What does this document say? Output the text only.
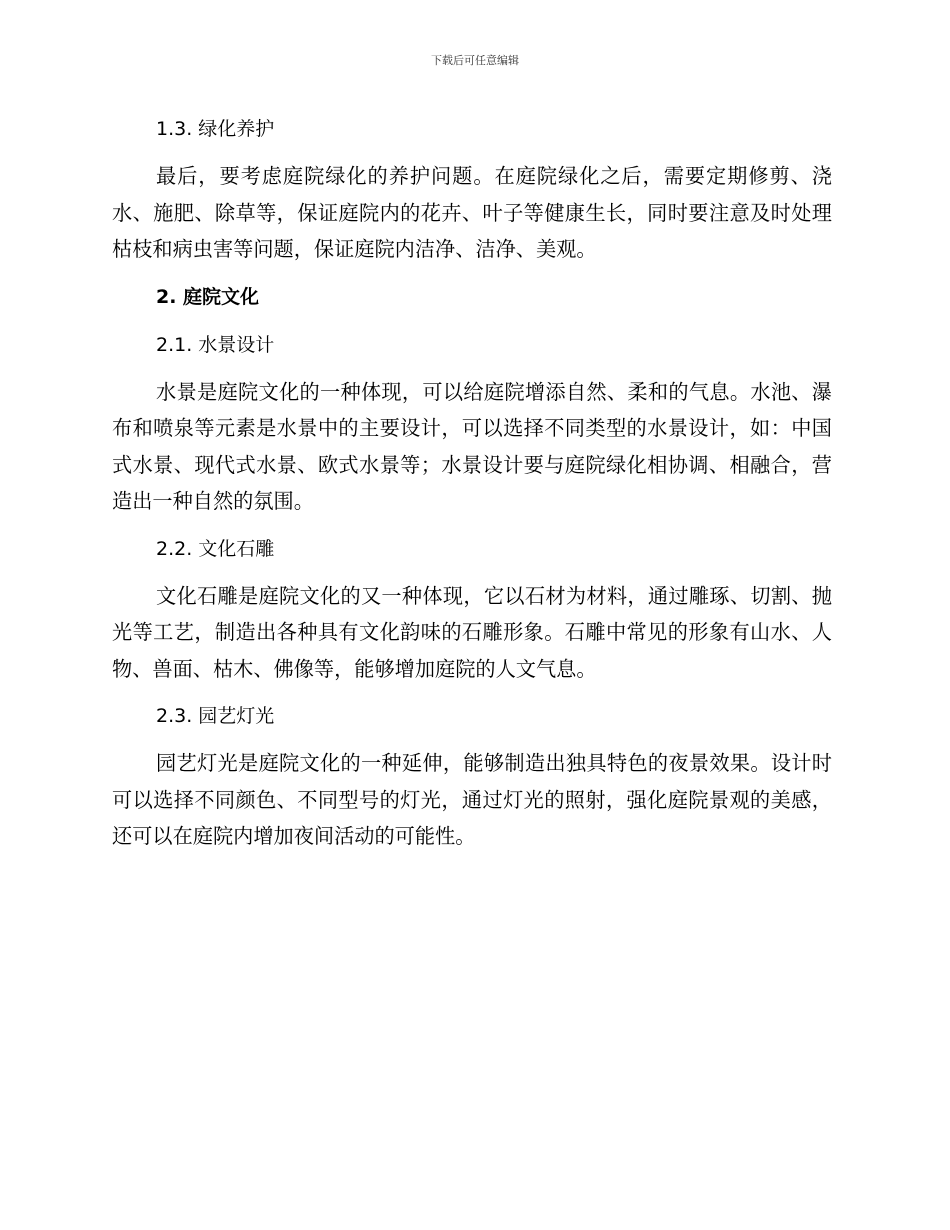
下载后可任意编辑
1.3. 绿化养护

最后，要考虑庭院绿化的养护问题。在庭院绿化之后，需要定期修剪、浇水、施肥、除草等，保证庭院内的花卉、叶子等健康生长，同时要注意及时处理枯枝和病虫害等问题，保证庭院内洁净、洁净、美观。

2. 庭院文化
2.1. 水景设计

水景是庭院文化的一种体现，可以给庭院增添自然、柔和的气息。水池、瀑布和喷泉等元素是水景中的主要设计，可以选择不同类型的水景设计，如：中国式水景、现代式水景、欧式水景等；水景设计要与庭院绿化相协调、相融合，营造出一种自然的氛围。

2.2. 文化石雕

文化石雕是庭院文化的又一种体现，它以石材为材料，通过雕琢、切割、抛光等工艺，制造出各种具有文化韵味的石雕形象。石雕中常见的形象有山水、人物、兽面、枯木、佛像等，能够增加庭院的人文气息。

2.3. 园艺灯光

园艺灯光是庭院文化的一种延伸，能够制造出独具特色的夜景效果。设计时可以选择不同颜色、不同型号的灯光，通过灯光的照射，强化庭院景观的美感，还可以在庭院内增加夜间活动的可能性。
